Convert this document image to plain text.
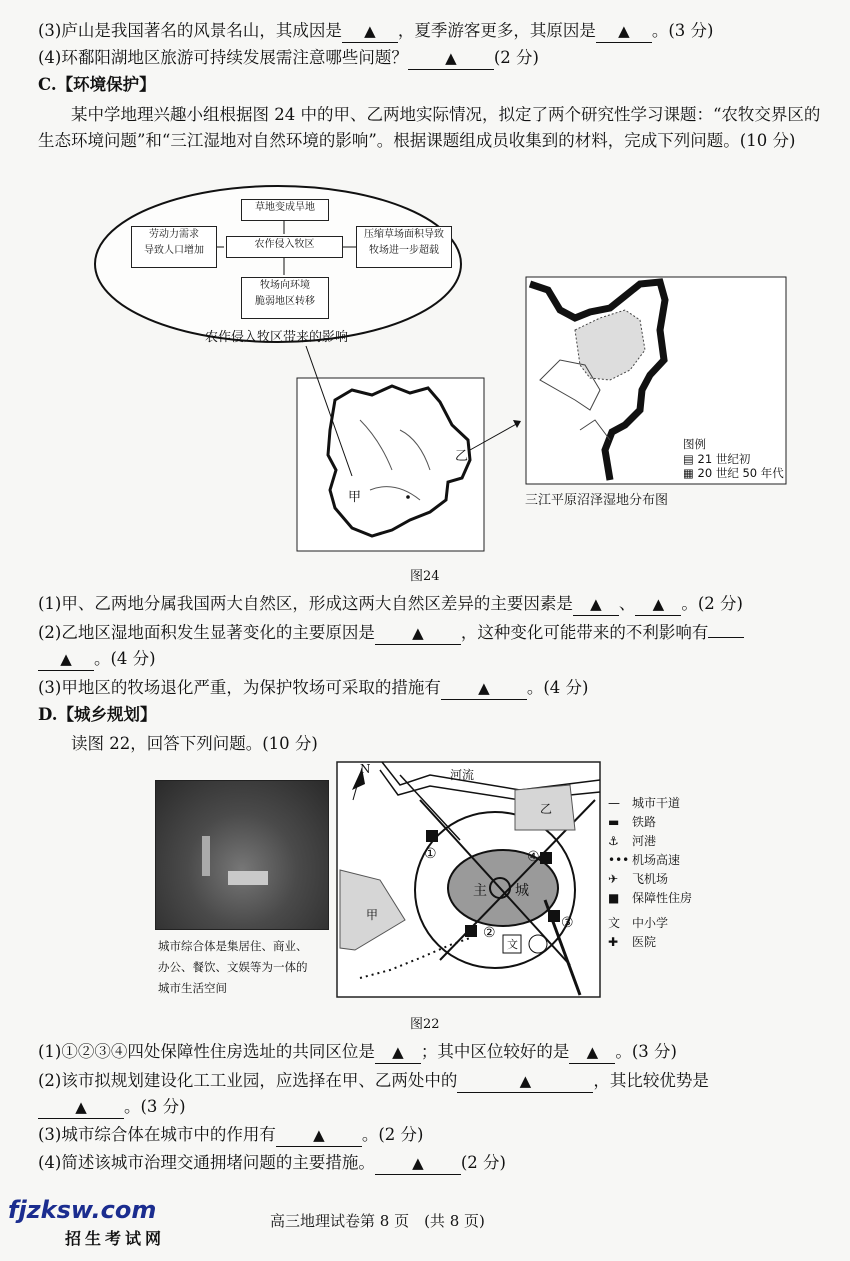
(3)庐山是我国著名的风景名山，其成因是 ▲ ，夏季游客更多，其原因是 ▲ 。(3 分)
(4)环鄱阳湖地区旅游可持续发展需注意哪些问题？ ▲ (2 分)
C.【环境保护】
某中学地理兴趣小组根据图 24 中的甲、乙两地实际情况，拟定了两个研究性学习课题：“农牧交界区的生态环境问题”和“三江湿地对自然环境的影响”。根据课题组成员收集到的材料，完成下列问题。(10 分)
草地变成旱地
劳动力需求
导致人口增加
农作侵入牧区
压缩草场面积导致
牧场进一步超载
牧场向环境
脆弱地区转移
农作侵入牧区带来的影响
甲
乙
图例
▤ 21 世纪初
▦ 20 世纪 50 年代
三江平原沼泽湿地分布图
图24
(1)甲、乙两地分属我国两大自然区，形成这两大自然区差异的主要因素是 ▲ 、 ▲ 。(2 分)
(2)乙地区湿地面积发生显著变化的主要原因是 ▲ ，这种变化可能带来的不利影响有
▲ 。(4 分)
(3)甲地区的牧场退化严重，为保护牧场可采取的措施有 ▲ 。(4 分)
D.【城乡规划】
读图 22，回答下列问题。(10 分)
城市综合体是集居住、商业、
办公、餐饮、文娱等为一体的
城市生活空间
N	河流
主 城
甲
乙
①
②
③
④
文
— 城市干道
▬ 铁路
⚓ 河港
••• 机场高速
✈ 飞机场
■ 保障性住房
文 中小学
✚ 医院
图22
(1)①②③④四处保障性住房选址的共同区位是 ▲ ；其中区位较好的是 ▲ 。(3 分)
(2)该市拟规划建设化工工业园，应选择在甲、乙两处中的	▲	，其比较优势是
▲ 。(3 分)
(3)城市综合体在城市中的作用有 ▲ 。(2 分)
(4)简述该城市治理交通拥堵问题的主要措施。 ▲ (2 分)
fjzksw.com
招生考试网
高三地理试卷第 8 页　(共 8 页)
